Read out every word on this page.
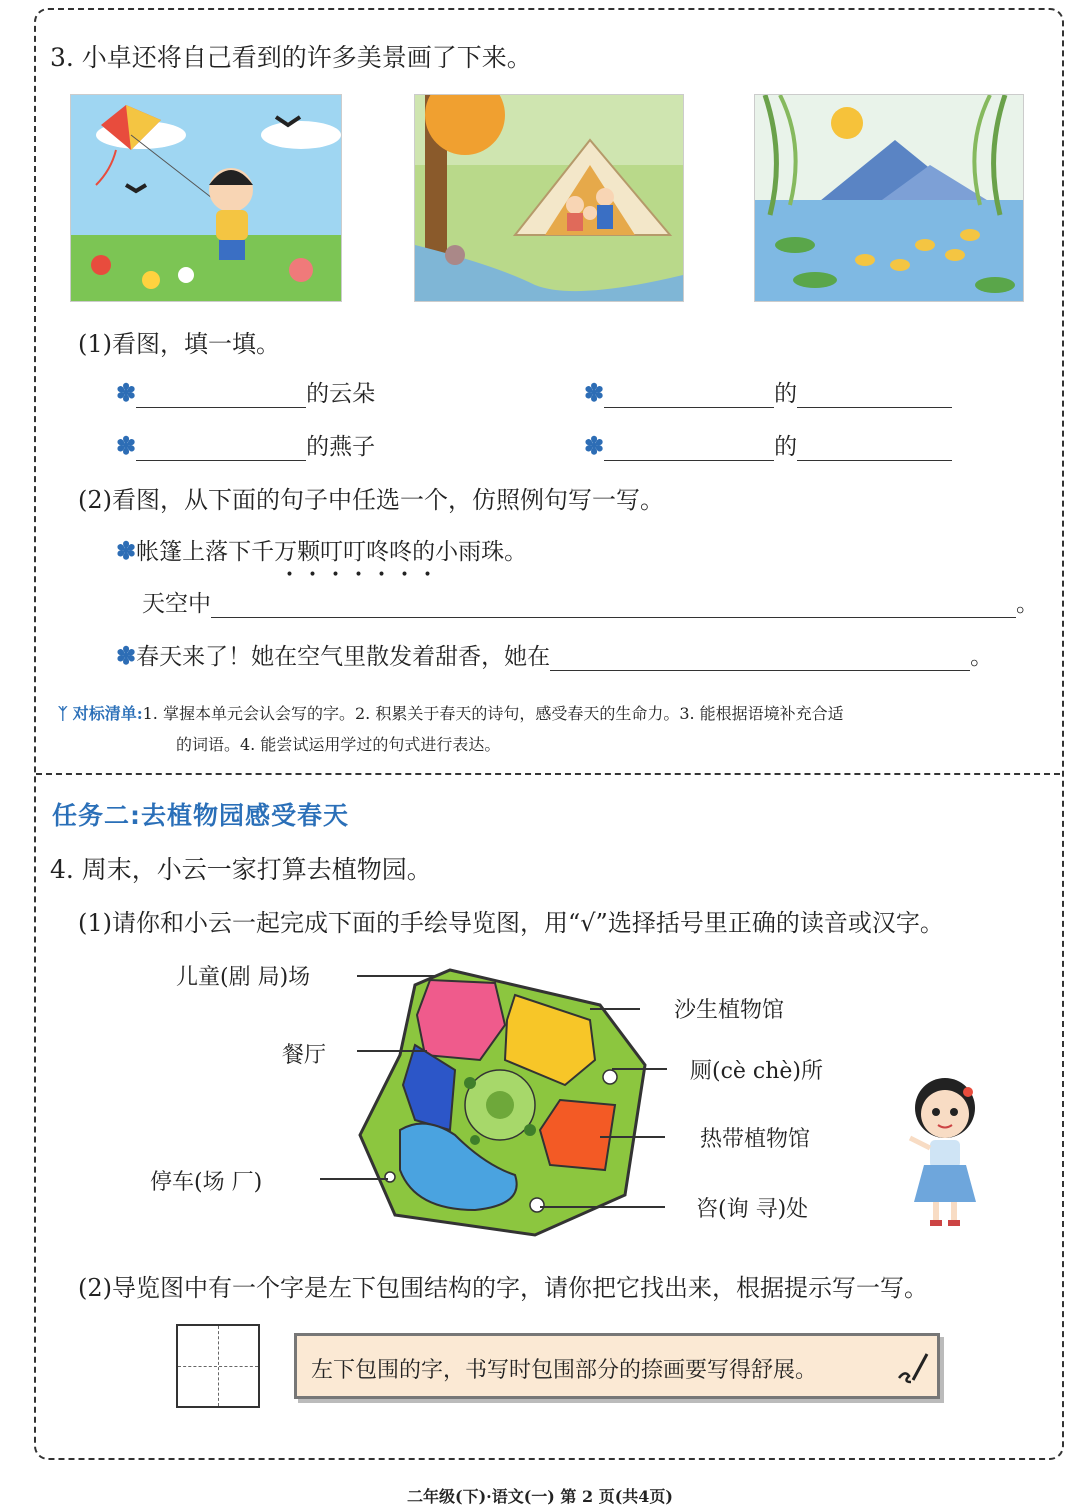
3. 小卓还将自己看到的许多美景画了下来。
(1)看图，填一填。
✽	的云朵	✽	的
✽	的燕子	✽	的
(2)看图，从下面的句子中任选一个，仿照例句写一写。
✽帐篷上落下千万颗叮叮咚咚的小雨珠。
• • • • • • •
天空中	。
✽春天来了！她在空气里散发着甜香，她在	。
ᛉ 对标清单:1. 掌握本单元会认会写的字。2. 积累关于春天的诗句，感受春天的生命力。3. 能根据语境补充合适
的词语。4. 能尝试运用学过的句式进行表达。
任务二:去植物园感受春天
4. 周末，小云一家打算去植物园。
(1)请你和小云一起完成下面的手绘导览图，用“√”选择括号里正确的读音或汉字。
儿童(剧 局)场
餐厅
停车(场 厂)
沙生植物馆
厕(cè chè)所
热带植物馆
咨(询 寻)处
(2)导览图中有一个字是左下包围结构的字，请你把它找出来，根据提示写一写。
左下包围的字，书写时包围部分的捺画要写得舒展。
二年级(下)·语文(一) 第 2 页(共4页)
